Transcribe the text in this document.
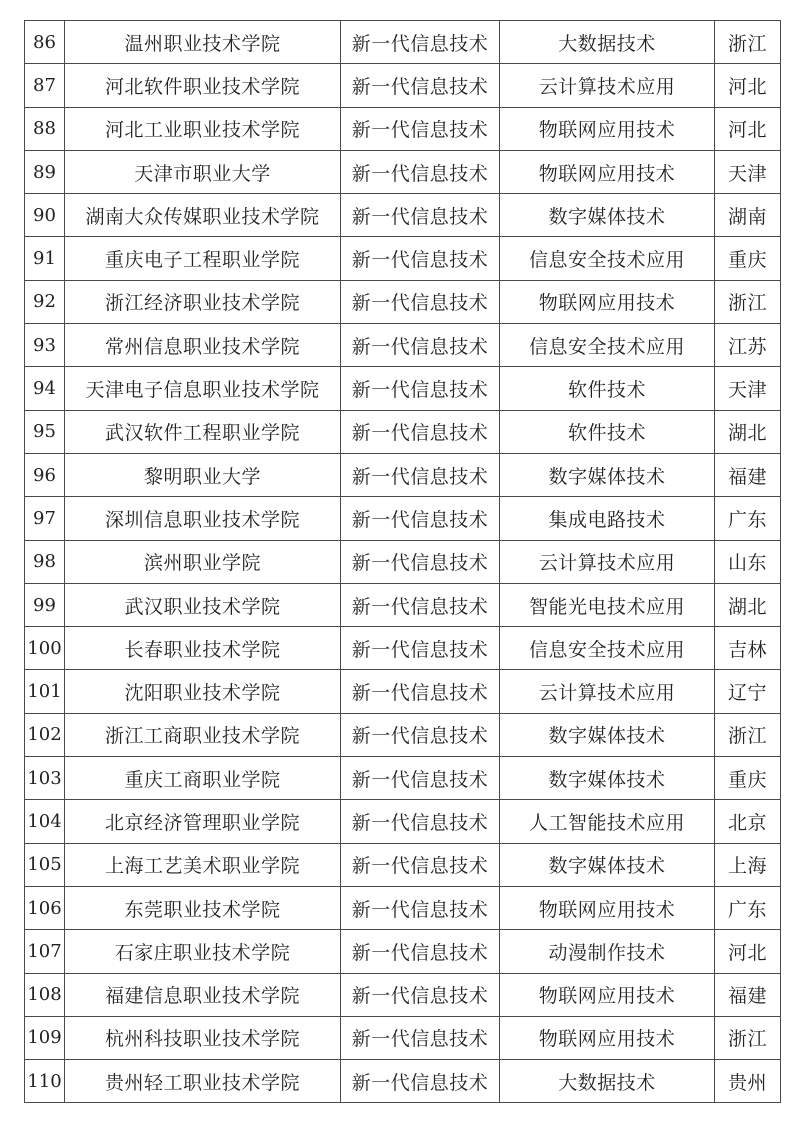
86	温州职业技术学院	新一代信息技术	大数据技术	浙江
87	河北软件职业技术学院	新一代信息技术	云计算技术应用	河北
88	河北工业职业技术学院	新一代信息技术	物联网应用技术	河北
89	天津市职业大学	新一代信息技术	物联网应用技术	天津
90	湖南大众传媒职业技术学院	新一代信息技术	数字媒体技术	湖南
91	重庆电子工程职业学院	新一代信息技术	信息安全技术应用	重庆
92	浙江经济职业技术学院	新一代信息技术	物联网应用技术	浙江
93	常州信息职业技术学院	新一代信息技术	信息安全技术应用	江苏
94	天津电子信息职业技术学院	新一代信息技术	软件技术	天津
95	武汉软件工程职业学院	新一代信息技术	软件技术	湖北
96	黎明职业大学	新一代信息技术	数字媒体技术	福建
97	深圳信息职业技术学院	新一代信息技术	集成电路技术	广东
98	滨州职业学院	新一代信息技术	云计算技术应用	山东
99	武汉职业技术学院	新一代信息技术	智能光电技术应用	湖北
100	长春职业技术学院	新一代信息技术	信息安全技术应用	吉林
101	沈阳职业技术学院	新一代信息技术	云计算技术应用	辽宁
102	浙江工商职业技术学院	新一代信息技术	数字媒体技术	浙江
103	重庆工商职业学院	新一代信息技术	数字媒体技术	重庆
104	北京经济管理职业学院	新一代信息技术	人工智能技术应用	北京
105	上海工艺美术职业学院	新一代信息技术	数字媒体技术	上海
106	东莞职业技术学院	新一代信息技术	物联网应用技术	广东
107	石家庄职业技术学院	新一代信息技术	动漫制作技术	河北
108	福建信息职业技术学院	新一代信息技术	物联网应用技术	福建
109	杭州科技职业技术学院	新一代信息技术	物联网应用技术	浙江
110	贵州轻工职业技术学院	新一代信息技术	大数据技术	贵州
